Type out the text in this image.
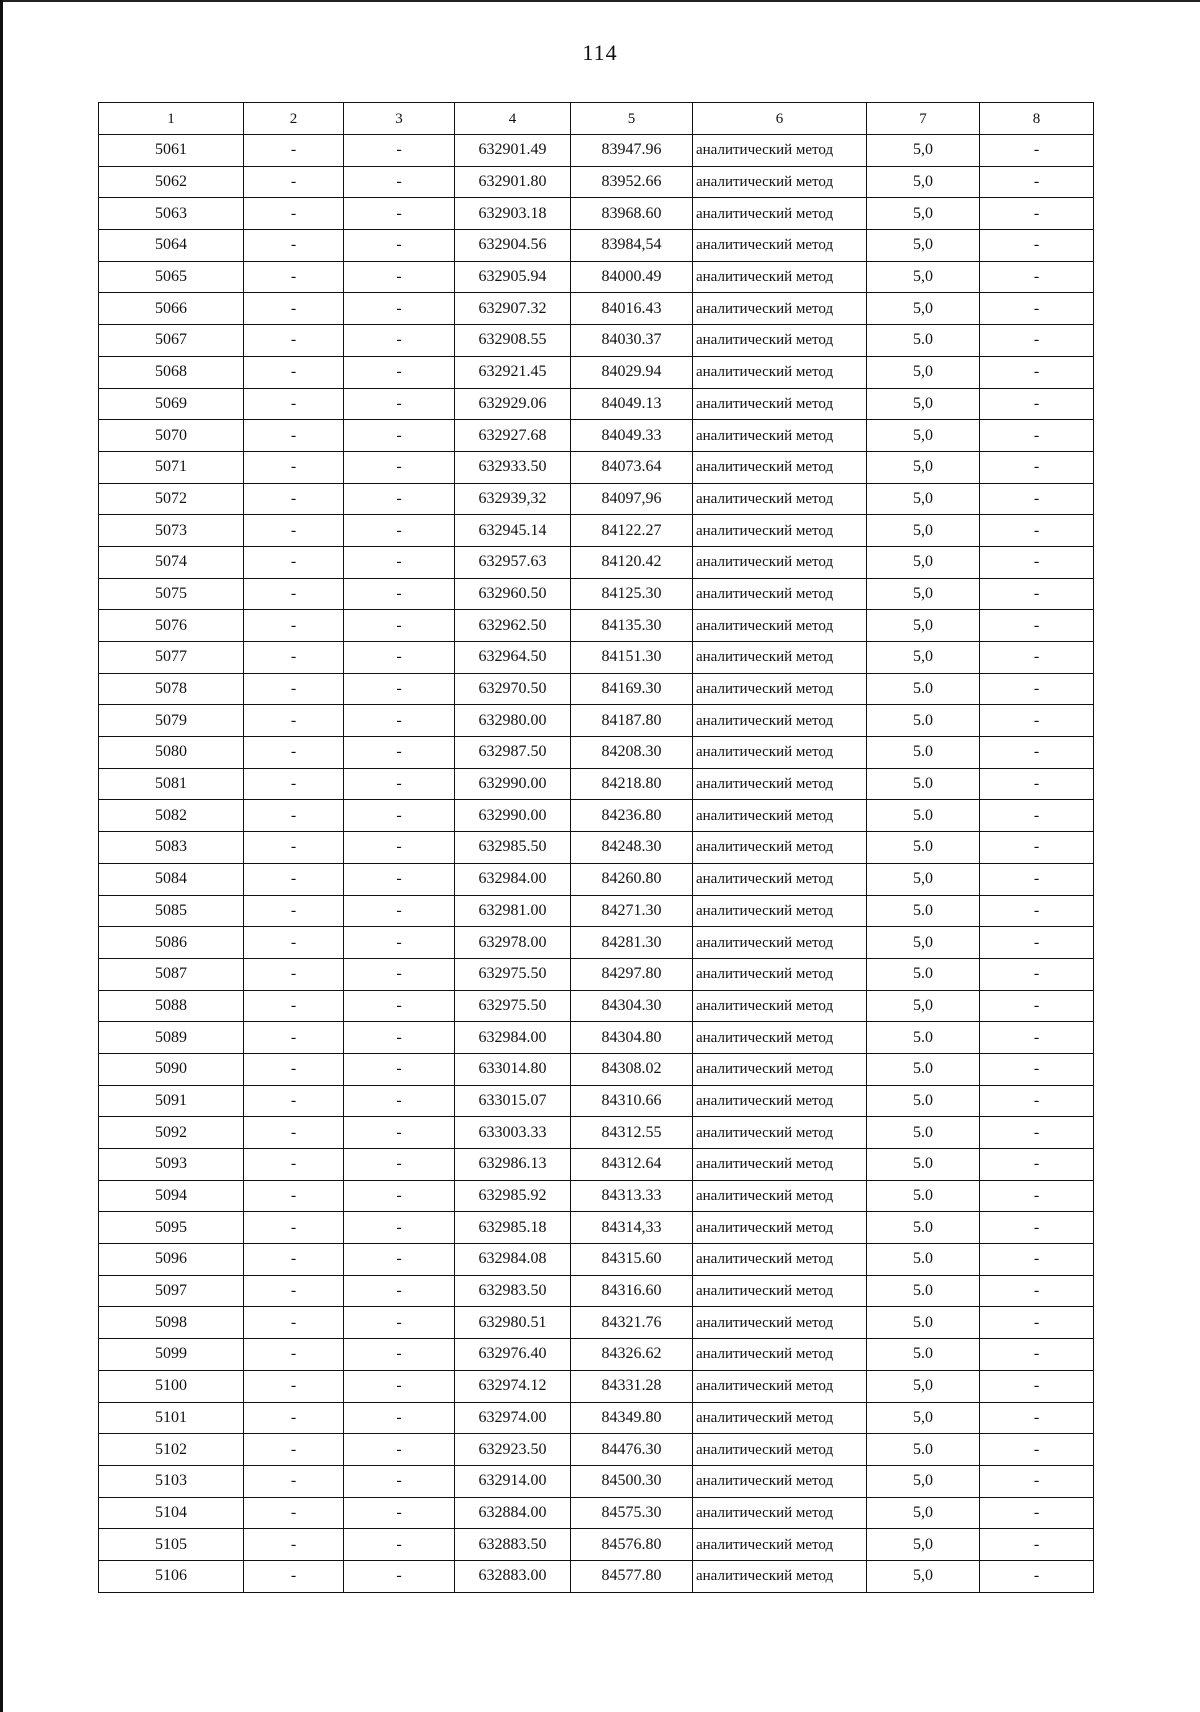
114
1	2	3	4	5	6	7	8
5061	-	-	632901.49	83947.96	аналитический метод	5,0	-
5062	-	-	632901.80	83952.66	аналитический метод	5,0	-
5063	-	-	632903.18	83968.60	аналитический метод	5,0	-
5064	-	-	632904.56	83984,54	аналитический метод	5,0	-
5065	-	-	632905.94	84000.49	аналитический метод	5,0	-
5066	-	-	632907.32	84016.43	аналитический метод	5,0	-
5067	-	-	632908.55	84030.37	аналитический метод	5.0	-
5068	-	-	632921.45	84029.94	аналитический метод	5,0	-
5069	-	-	632929.06	84049.13	аналитический метод	5,0	-
5070	-	-	632927.68	84049.33	аналитический метод	5,0	-
5071	-	-	632933.50	84073.64	аналитический метод	5,0	-
5072	-	-	632939,32	84097,96	аналитический метод	5,0	-
5073	-	-	632945.14	84122.27	аналитический метод	5,0	-
5074	-	-	632957.63	84120.42	аналитический метод	5,0	-
5075	-	-	632960.50	84125.30	аналитический метод	5,0	-
5076	-	-	632962.50	84135.30	аналитический метод	5,0	-
5077	-	-	632964.50	84151.30	аналитический метод	5,0	-
5078	-	-	632970.50	84169.30	аналитический метод	5.0	-
5079	-	-	632980.00	84187.80	аналитический метод	5.0	-
5080	-	-	632987.50	84208.30	аналитический метод	5.0	-
5081	-	-	632990.00	84218.80	аналитический метод	5.0	-
5082	-	-	632990.00	84236.80	аналитический метод	5.0	-
5083	-	-	632985.50	84248.30	аналитический метод	5.0	-
5084	-	-	632984.00	84260.80	аналитический метод	5,0	-
5085	-	-	632981.00	84271.30	аналитический метод	5.0	-
5086	-	-	632978.00	84281.30	аналитический метод	5,0	-
5087	-	-	632975.50	84297.80	аналитический метод	5.0	-
5088	-	-	632975.50	84304.30	аналитический метод	5,0	-
5089	-	-	632984.00	84304.80	аналитический метод	5.0	-
5090	-	-	633014.80	84308.02	аналитический метод	5.0	-
5091	-	-	633015.07	84310.66	аналитический метод	5.0	-
5092	-	-	633003.33	84312.55	аналитический метод	5.0	-
5093	-	-	632986.13	84312.64	аналитический метод	5.0	-
5094	-	-	632985.92	84313.33	аналитический метод	5.0	-
5095	-	-	632985.18	84314,33	аналитический метод	5.0	-
5096	-	-	632984.08	84315.60	аналитический метод	5.0	-
5097	-	-	632983.50	84316.60	аналитический метод	5.0	-
5098	-	-	632980.51	84321.76	аналитический метод	5.0	-
5099	-	-	632976.40	84326.62	аналитический метод	5.0	-
5100	-	-	632974.12	84331.28	аналитический метод	5,0	-
5101	-	-	632974.00	84349.80	аналитический метод	5,0	-
5102	-	-	632923.50	84476.30	аналитический метод	5.0	-
5103	-	-	632914.00	84500.30	аналитический метод	5,0	-
5104	-	-	632884.00	84575.30	аналитический метод	5,0	-
5105	-	-	632883.50	84576.80	аналитический метод	5,0	-
5106	-	-	632883.00	84577.80	аналитический метод	5,0	-
